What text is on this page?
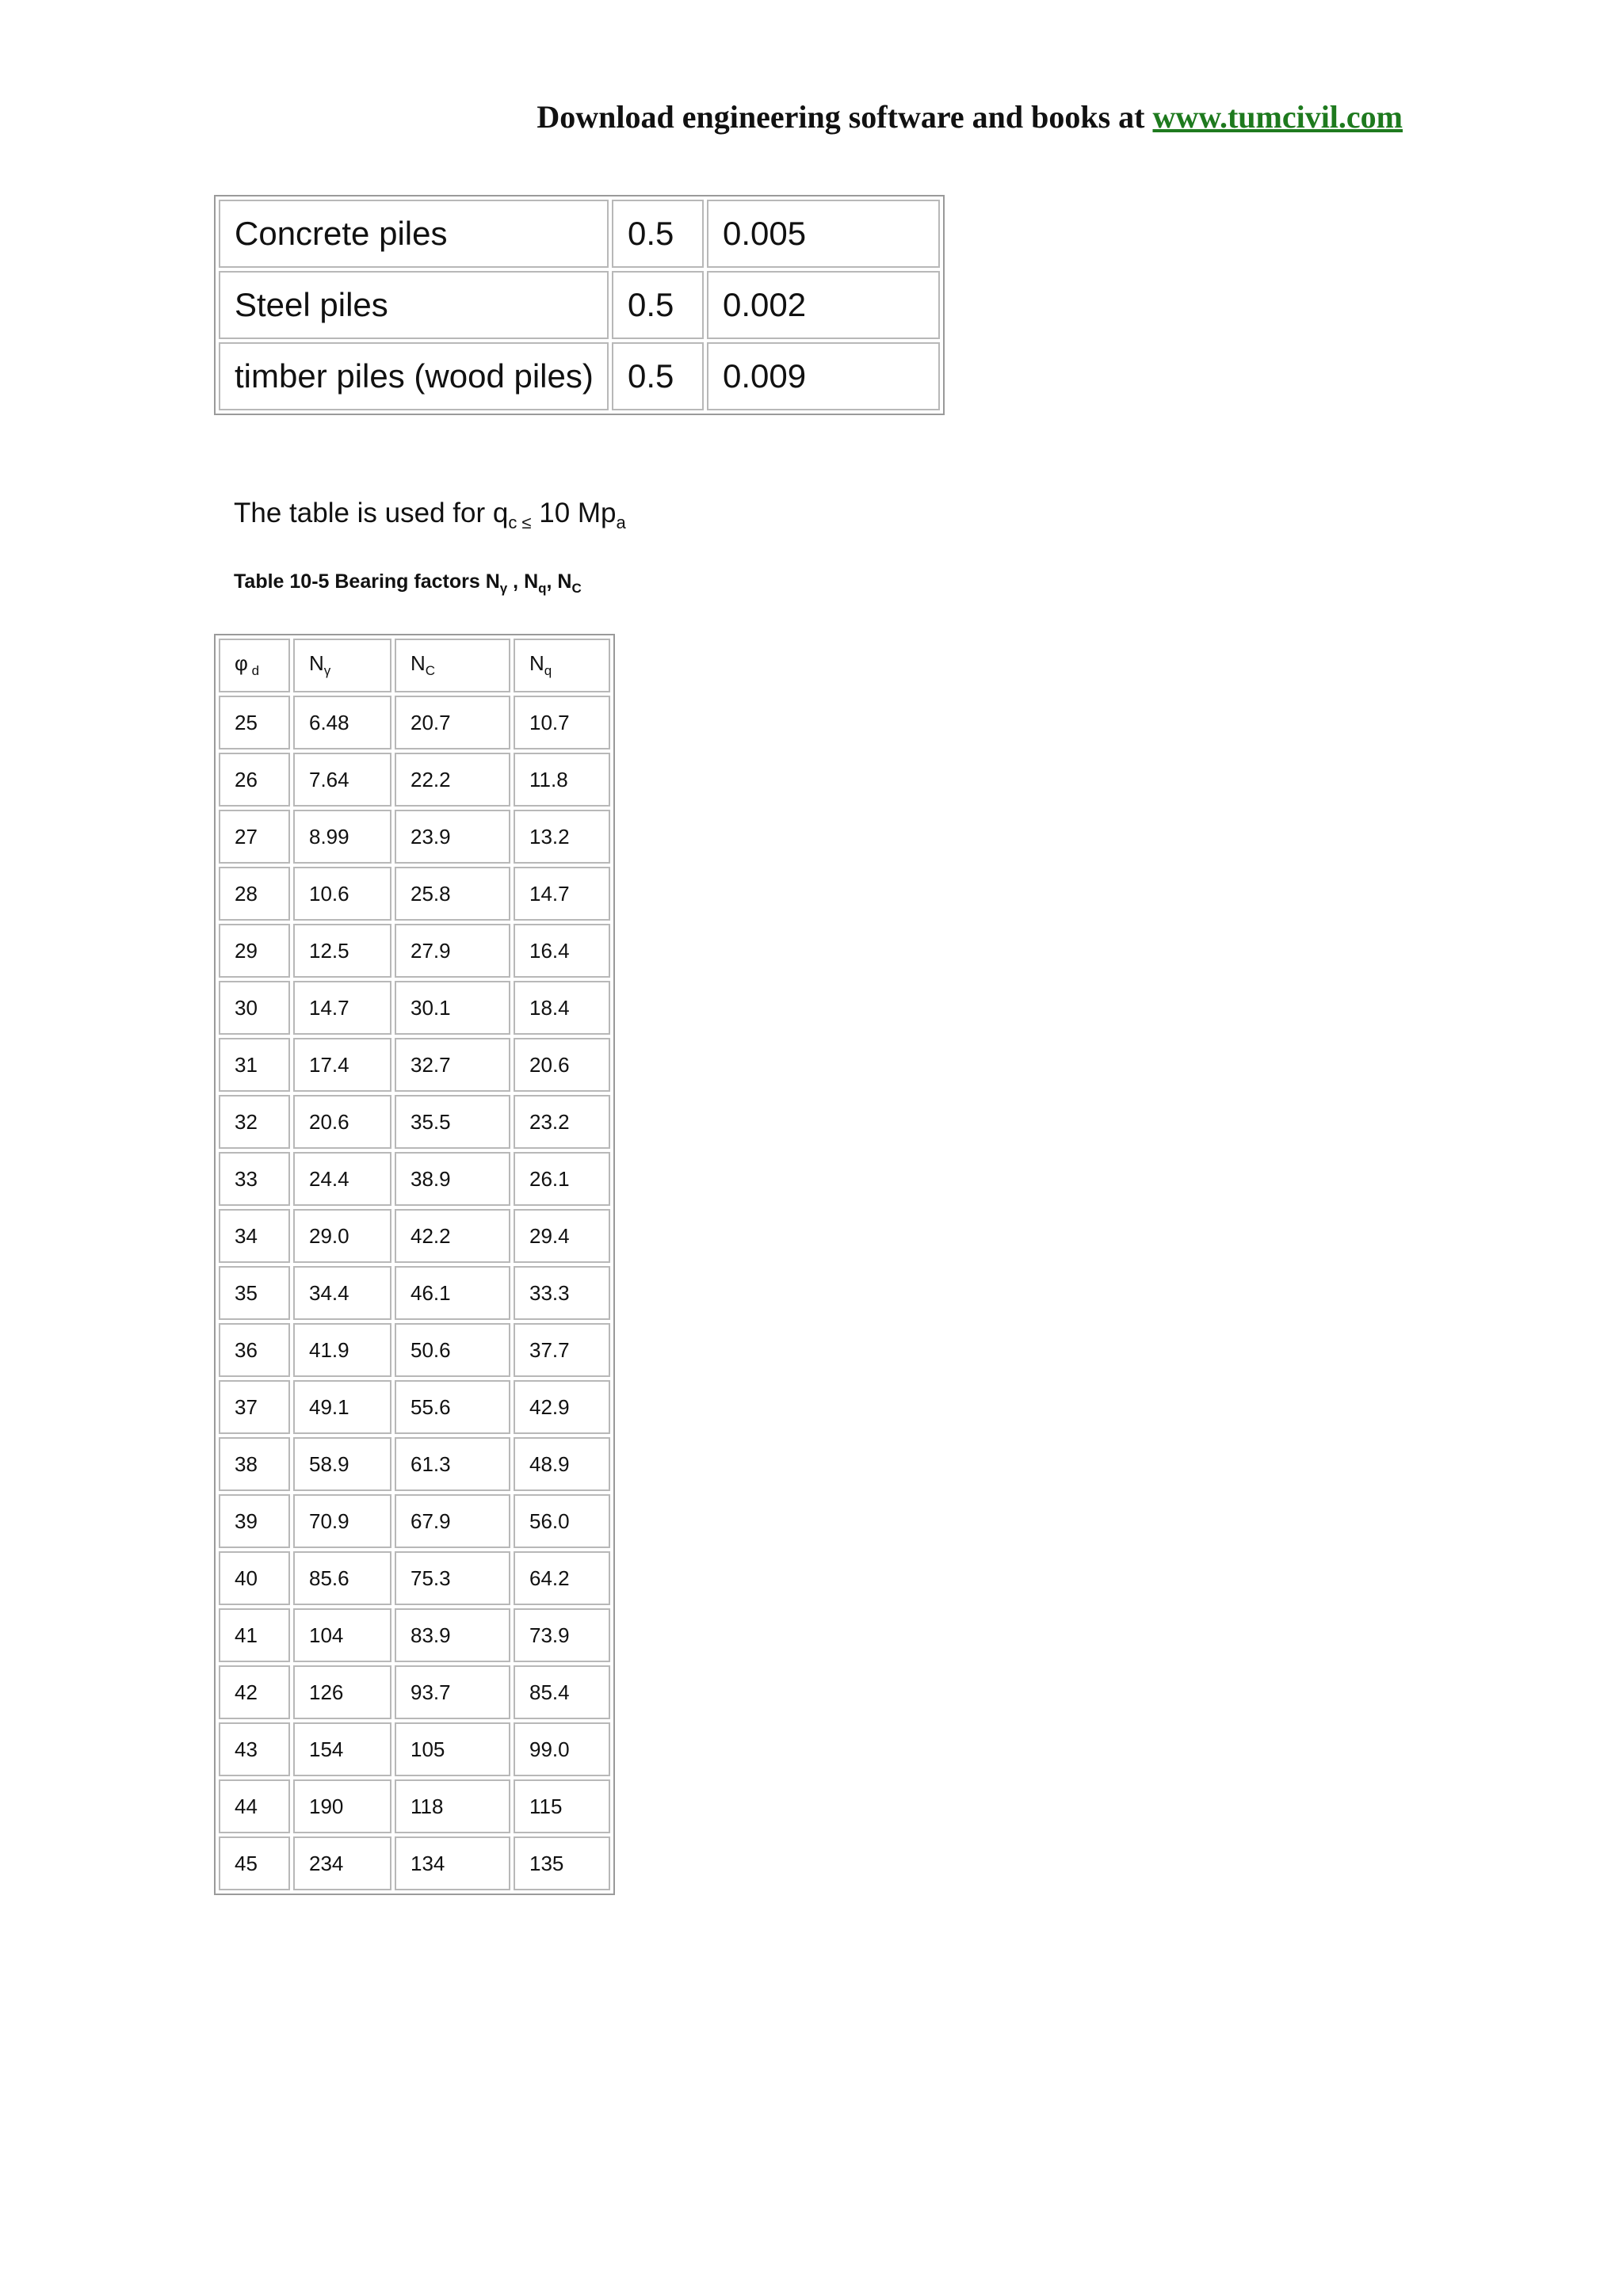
Download engineering software and books at www.tumcivil.com
Concrete piles	0.5	0.005
Steel piles	0.5	0.002
timber piles (wood piles)	0.5	0.009
The table is used for $q_c$ $_\le$ 10 $Mp_a$
Table 10-5 Bearing factors $N_\gamma$ , $N_q$, $N_C$
φ $_d$	$N_\gamma$	$N_C$	$N_q$
25	6.48	20.7	10.7
26	7.64	22.2	11.8
27	8.99	23.9	13.2
28	10.6	25.8	14.7
29	12.5	27.9	16.4
30	14.7	30.1	18.4
31	17.4	32.7	20.6
32	20.6	35.5	23.2
33	24.4	38.9	26.1
34	29.0	42.2	29.4
35	34.4	46.1	33.3
36	41.9	50.6	37.7
37	49.1	55.6	42.9
38	58.9	61.3	48.9
39	70.9	67.9	56.0
40	85.6	75.3	64.2
41	104	83.9	73.9
42	126	93.7	85.4
43	154	105	99.0
44	190	118	115
45	234	134	135
